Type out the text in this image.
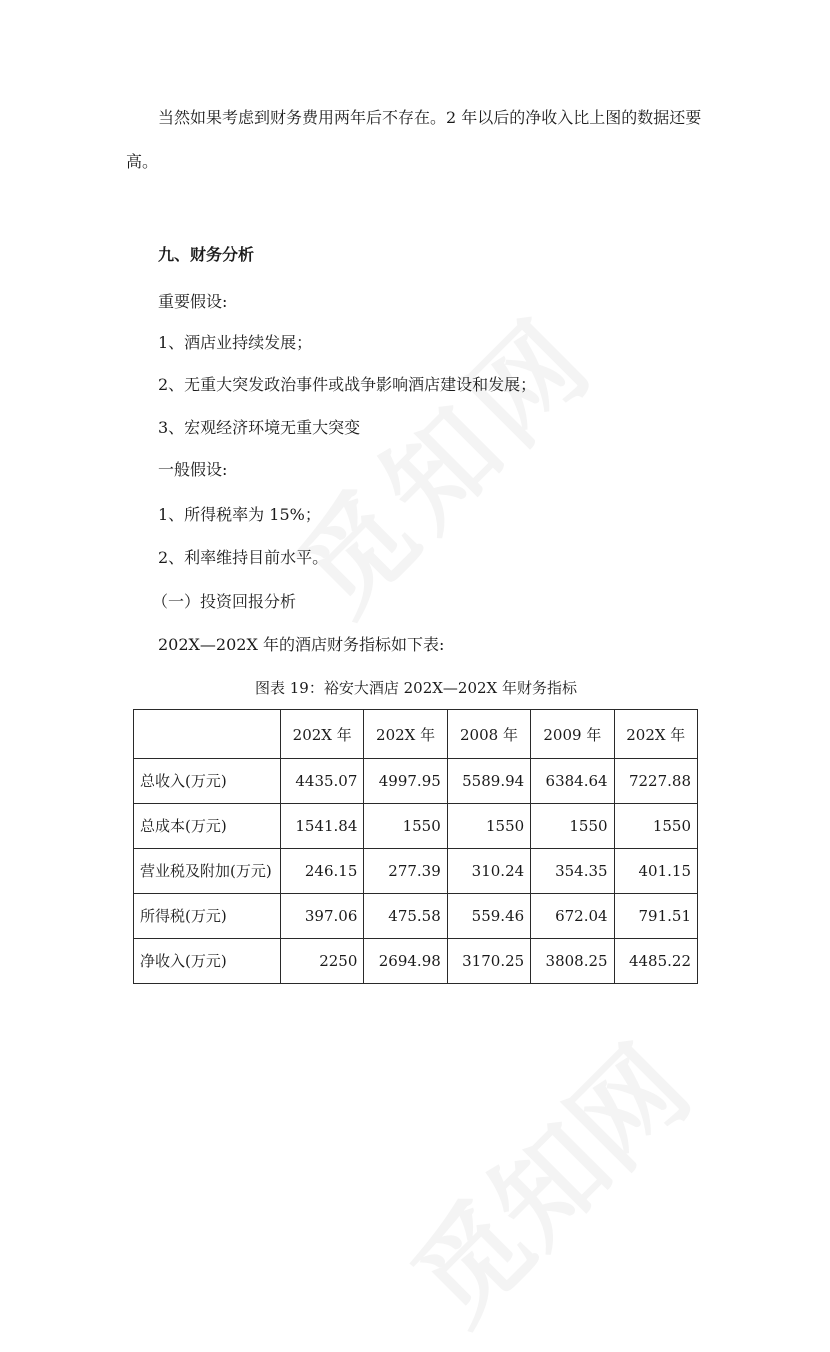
当然如果考虑到财务费用两年后不存在。2 年以后的净收入比上图的数据还要高。

九、财务分析
重要假设:
1、酒店业持续发展；
2、无重大突发政治事件或战争影响酒店建设和发展；
3、宏观经济环境无重大突变
一般假设:
1、所得税率为 15%；
2、利率维持目前水平。
（一）投资回报分析
202X—202X 年的酒店财务指标如下表:
图表 19：裕安大酒店 202X—202X 年财务指标
	202X 年	202X 年	2008 年	2009 年	202X 年
总收入(万元)	4435.07	4997.95	5589.94	6384.64	7227.88
总成本(万元)	1541.84	1550	1550	1550	1550
营业税及附加(万元)	246.15	277.39	310.24	354.35	401.15
所得税(万元)	397.06	475.58	559.46	672.04	791.51
净收入(万元)	2250	2694.98	3170.25	3808.25	4485.22
